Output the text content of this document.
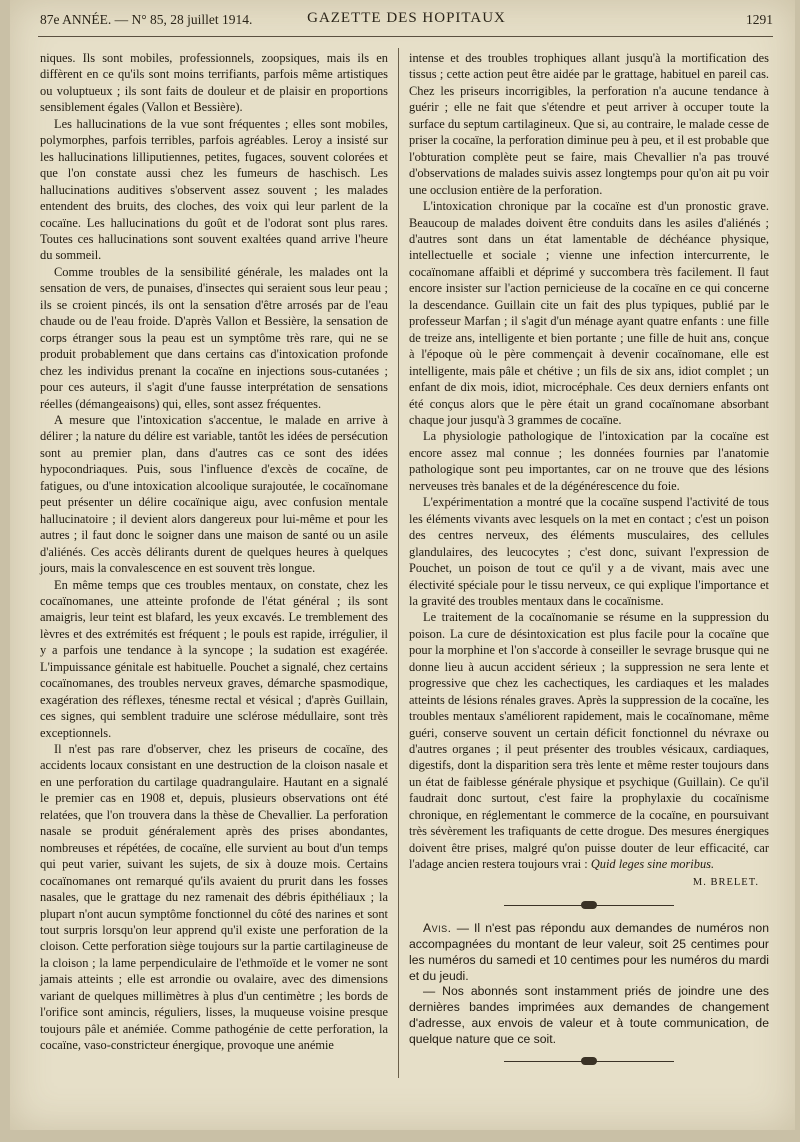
87e ANNÉE. — N° 85, 28 juillet 1914.	GAZETTE DES HOPITAUX	1291

niques. Ils sont mobiles, professionnels, zoopsiques, mais ils en diffèrent en ce qu'ils sont moins terrifiants, parfois même artistiques ou voluptueux ; ils sont faits de douleur et de plaisir en proportions sensiblement égales (Vallon et Bessière).

Les hallucinations de la vue sont fréquentes ; elles sont mobiles, polymorphes, parfois terribles, parfois agréables. Leroy a insisté sur les hallucinations lilliputiennes, petites, fugaces, souvent colorées et que l'on constate aussi chez les fumeurs de haschisch. Les hallucinations auditives s'observent assez souvent ; les malades entendent des bruits, des cloches, des voix qui leur parlent de la cocaïne. Les hallucinations du goût et de l'odorat sont plus rares. Toutes ces hallucinations sont souvent exaltées quand arrive l'heure du sommeil.

Comme troubles de la sensibilité générale, les malades ont la sensation de vers, de punaises, d'insectes qui seraient sous leur peau ; ils se croient pincés, ils ont la sensation d'être arrosés par de l'eau chaude ou de l'eau froide. D'après Vallon et Bessière, la sensation de corps étranger sous la peau est un symptôme très rare, qui ne se produit probablement que dans certains cas d'intoxication profonde chez les individus prenant la cocaïne en injections sous-cutanées ; pour ces auteurs, il s'agit d'une fausse interprétation de sensations réelles (démangeaisons) qui, elles, sont assez fréquentes.

A mesure que l'intoxication s'accentue, le malade en arrive à délirer ; la nature du délire est variable, tantôt les idées de persécution sont au premier plan, dans d'autres cas ce sont des idées hypocondriaques. Puis, sous l'influence d'excès de cocaïne, de fatigues, ou d'une intoxication alcoolique surajoutée, le cocaïnomane peut présenter un délire cocaïnique aigu, avec confusion mentale hallucinatoire ; il devient alors dangereux pour lui-même et pour les autres ; il faut donc le soigner dans une maison de santé ou un asile d'aliénés. Ces accès délirants durent de quelques heures à quelques jours, mais la convalescence en est souvent très longue.

En même temps que ces troubles mentaux, on constate, chez les cocaïnomanes, une atteinte profonde de l'état général ; ils sont amaigris, leur teint est blafard, les yeux excavés. Le tremblement des lèvres et des extrémités est fréquent ; le pouls est rapide, irrégulier, il y a parfois une tendance à la syncope ; la sudation est exagérée. L'impuissance génitale est habituelle. Pouchet a signalé, chez certains cocaïnomanes, des troubles nerveux graves, démarche spasmodique, exagération des réflexes, ténesme rectal et vésical ; d'après Guillain, ces signes, qui semblent traduire une sclérose médullaire, sont très exceptionnels.

Il n'est pas rare d'observer, chez les priseurs de cocaïne, des accidents locaux consistant en une destruction de la cloison nasale et en une perforation du cartilage quadrangulaire. Hautant en a signalé le premier cas en 1908 et, depuis, plusieurs observations ont été relatées, que l'on trouvera dans la thèse de Chevallier. La perforation nasale se produit généralement après des prises abondantes, nombreuses et répétées, de cocaïne, elle survient au bout d'un temps qui peut varier, suivant les sujets, de six à douze mois. Certains cocaïnomanes ont remarqué qu'ils avaient du prurit dans les fosses nasales, que le grattage du nez ramenait des débris épithéliaux ; la plupart n'ont aucun symptôme fonctionnel du côté des narines et sont tout surpris lorsqu'on leur apprend qu'il existe une perforation de la cloison. Cette perforation siège toujours sur la partie cartilagineuse de la cloison ; la lame perpendiculaire de l'ethmoïde et le vomer ne sont jamais atteints ; elle est arrondie ou ovalaire, avec des dimensions variant de quelques millimètres à plus d'un centimètre ; les bords de l'orifice sont amincis, réguliers, lisses, la muqueuse voisine presque toujours pâle et anémiée. Comme pathogénie de cette perforation, la cocaïne, vaso-constricteur énergique, provoque une anémie

intense et des troubles trophiques allant jusqu'à la mortification des tissus ; cette action peut être aidée par le grattage, habituel en pareil cas. Chez les priseurs incorrigibles, la perforation n'a aucune tendance à guérir ; elle ne fait que s'étendre et peut arriver à occuper toute la surface du septum cartilagineux. Que si, au contraire, le malade cesse de priser la cocaïne, la perforation diminue peu à peu, et il est probable que l'obturation complète peut se faire, mais Chevallier n'a pas trouvé d'observations de malades suivis assez longtemps pour qu'on ait pu voir une occlusion entière de la perforation.

L'intoxication chronique par la cocaïne est d'un pronostic grave. Beaucoup de malades doivent être conduits dans les asiles d'aliénés ; d'autres sont dans un état lamentable de déchéance physique, intellectuelle et sociale ; vienne une infection intercurrente, le cocaïnomane affaibli et déprimé y succombera très facilement. Il faut encore insister sur l'action pernicieuse de la cocaïne en ce qui concerne la descendance. Guillain cite un fait des plus typiques, publié par le professeur Marfan ; il s'agit d'un ménage ayant quatre enfants : une fille de treize ans, intelligente et bien portante ; une fille de huit ans, conçue à l'époque où le père commençait à devenir cocaïnomane, elle est intelligente, mais pâle et chétive ; un fils de six ans, idiot complet ; un enfant de dix mois, idiot, microcéphale. Ces deux derniers enfants ont été conçus alors que le père était un grand cocaïnomane absorbant chaque jour jusqu'à 3 grammes de cocaïne.

La physiologie pathologique de l'intoxication par la cocaïne est encore assez mal connue ; les données fournies par l'anatomie pathologique sont peu importantes, car on ne trouve que des lésions nerveuses très banales et de la dégénérescence du foie.

L'expérimentation a montré que la cocaïne suspend l'activité de tous les éléments vivants avec lesquels on la met en contact ; c'est un poison des centres nerveux, des éléments musculaires, des cellules glandulaires, des leucocytes ; c'est donc, suivant l'expression de Pouchet, un poison de tout ce qu'il y a de vivant, mais avec une électivité spéciale pour le tissu nerveux, ce qui explique l'importance et la gravité des troubles mentaux dans le cocaïnisme.

Le traitement de la cocaïnomanie se résume en la suppression du poison. La cure de désintoxication est plus facile pour la cocaïne que pour la morphine et l'on s'accorde à conseiller le sevrage brusque qui ne donne lieu à aucun accident sérieux ; la suppression ne sera lente et progressive que chez les cachectiques, les cardiaques et les malades atteints de lésions rénales graves. Après la suppression de la cocaïne, les troubles mentaux s'améliorent rapidement, mais le cocaïnomane, même guéri, conserve souvent un certain déficit fonctionnel du névraxe ou d'autres organes ; il peut présenter des troubles vésicaux, cardiaques, digestifs, dont la disparition sera très lente et même rester toujours dans un état de faiblesse générale physique et psychique (Guillain). Ce qu'il faudrait donc surtout, c'est faire la prophylaxie du cocaïnisme chronique, en réglementant le commerce de la cocaïne, en poursuivant très sévèrement les trafiquants de cette drogue. Des mesures énergiques doivent être prises, malgré qu'on puisse douter de leur efficacité, car l'adage ancien restera toujours vrai : Quid leges sine moribus.

M. BRELET.

Avis. — Il n'est pas répondu aux demandes de numéros non accompagnées du montant de leur valeur, soit 25 centimes pour les numéros du samedi et 10 centimes pour les numéros du mardi et du jeudi.

— Nos abonnés sont instamment priés de joindre une des dernières bandes imprimées aux demandes de changement d'adresse, aux envois de valeur et à toute communication, de quelque nature que ce soit.
